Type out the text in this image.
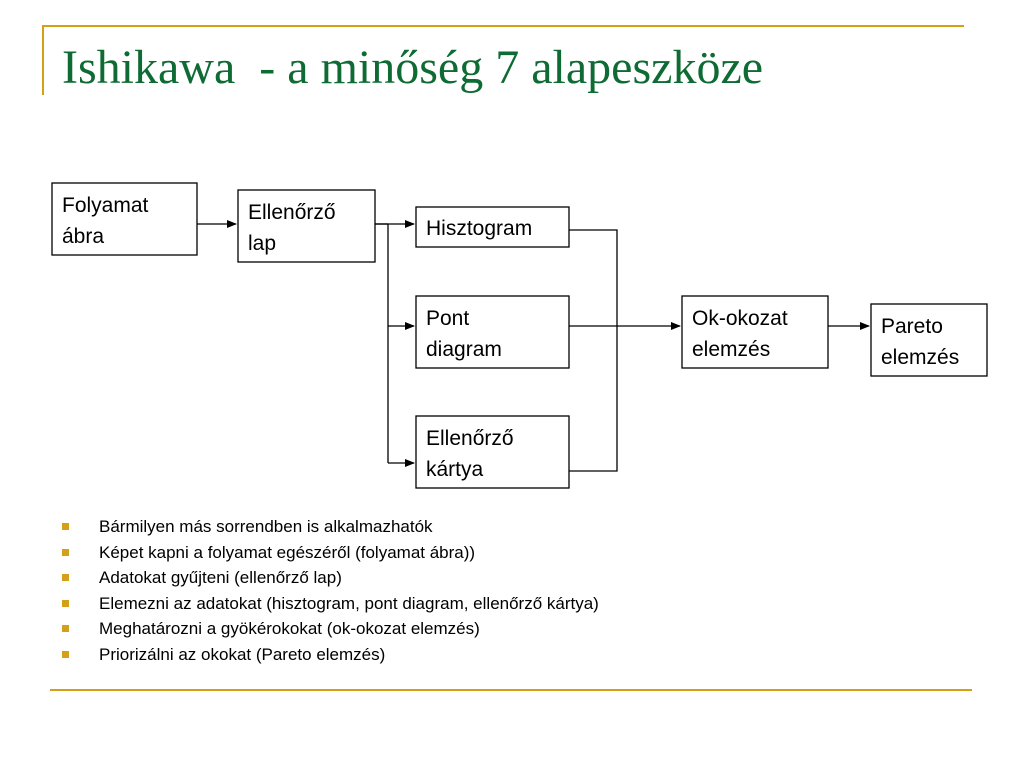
Ishikawa  - a minőség 7 alapeszköze
Folyamat
ábra
Ellenőrző
lap
Hisztogram
Pont
diagram
Ellenőrző
kártya
Ok-okozat
elemzés
Pareto
elemzés
Bármilyen más sorrendben is alkalmazhatók
Képet kapni a folyamat egészéről (folyamat ábra))
Adatokat gyűjteni (ellenőrző lap)
Elemezni az adatokat (hisztogram, pont diagram, ellenőrző kártya)
Meghatározni a gyökérokokat (ok-okozat elemzés)
Priorizálni az okokat (Pareto elemzés)
